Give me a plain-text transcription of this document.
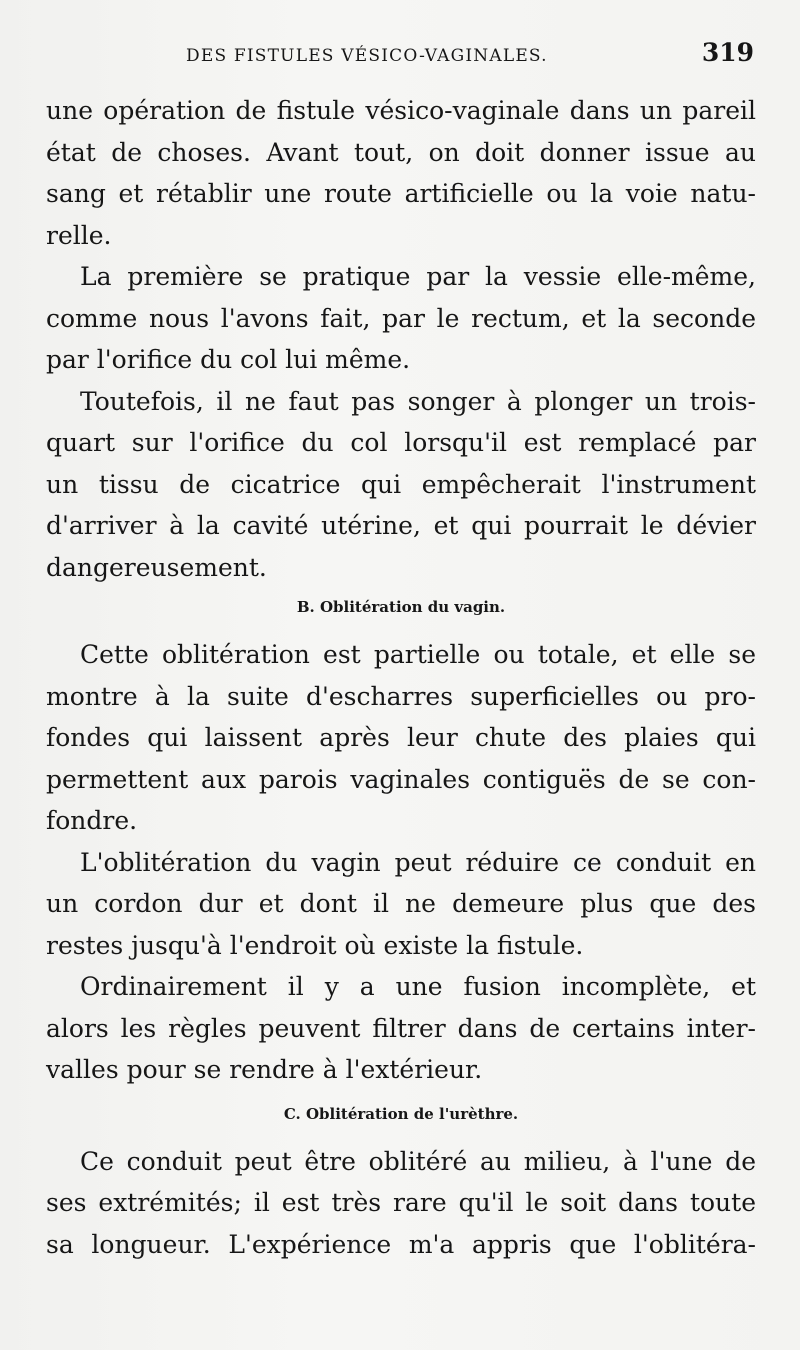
DES FISTULES VÉSICO-VAGINALES.	319
une opération de fistule vésico-vaginale dans un pareil
état de choses. Avant tout, on doit donner issue au
sang et rétablir une route artificielle ou la voie natu-
relle.
La première se pratique par la vessie elle-même,
comme nous l'avons fait, par le rectum, et la seconde
par l'orifice du col lui même.
Toutefois, il ne faut pas songer à plonger un trois-
quart sur l'orifice du col lorsqu'il est remplacé par
un tissu de cicatrice qui empêcherait l'instrument
d'arriver à la cavité utérine, et qui pourrait le dévier
dangereusement.
B. Oblitération du vagin.
Cette oblitération est partielle ou totale, et elle se
montre à la suite d'escharres superficielles ou pro-
fondes qui laissent après leur chute des plaies qui
permettent aux parois vaginales contiguës de se con-
fondre.
L'oblitération du vagin peut réduire ce conduit en
un cordon dur et dont il ne demeure plus que des
restes jusqu'à l'endroit où existe la fistule.
Ordinairement il y a une fusion incomplète, et
alors les règles peuvent filtrer dans de certains inter-
valles pour se rendre à l'extérieur.
C. Oblitération de l'urèthre.
Ce conduit peut être oblitéré au milieu, à l'une de
ses extrémités; il est très rare qu'il le soit dans toute
sa longueur. L'expérience m'a appris que l'oblitéra-
